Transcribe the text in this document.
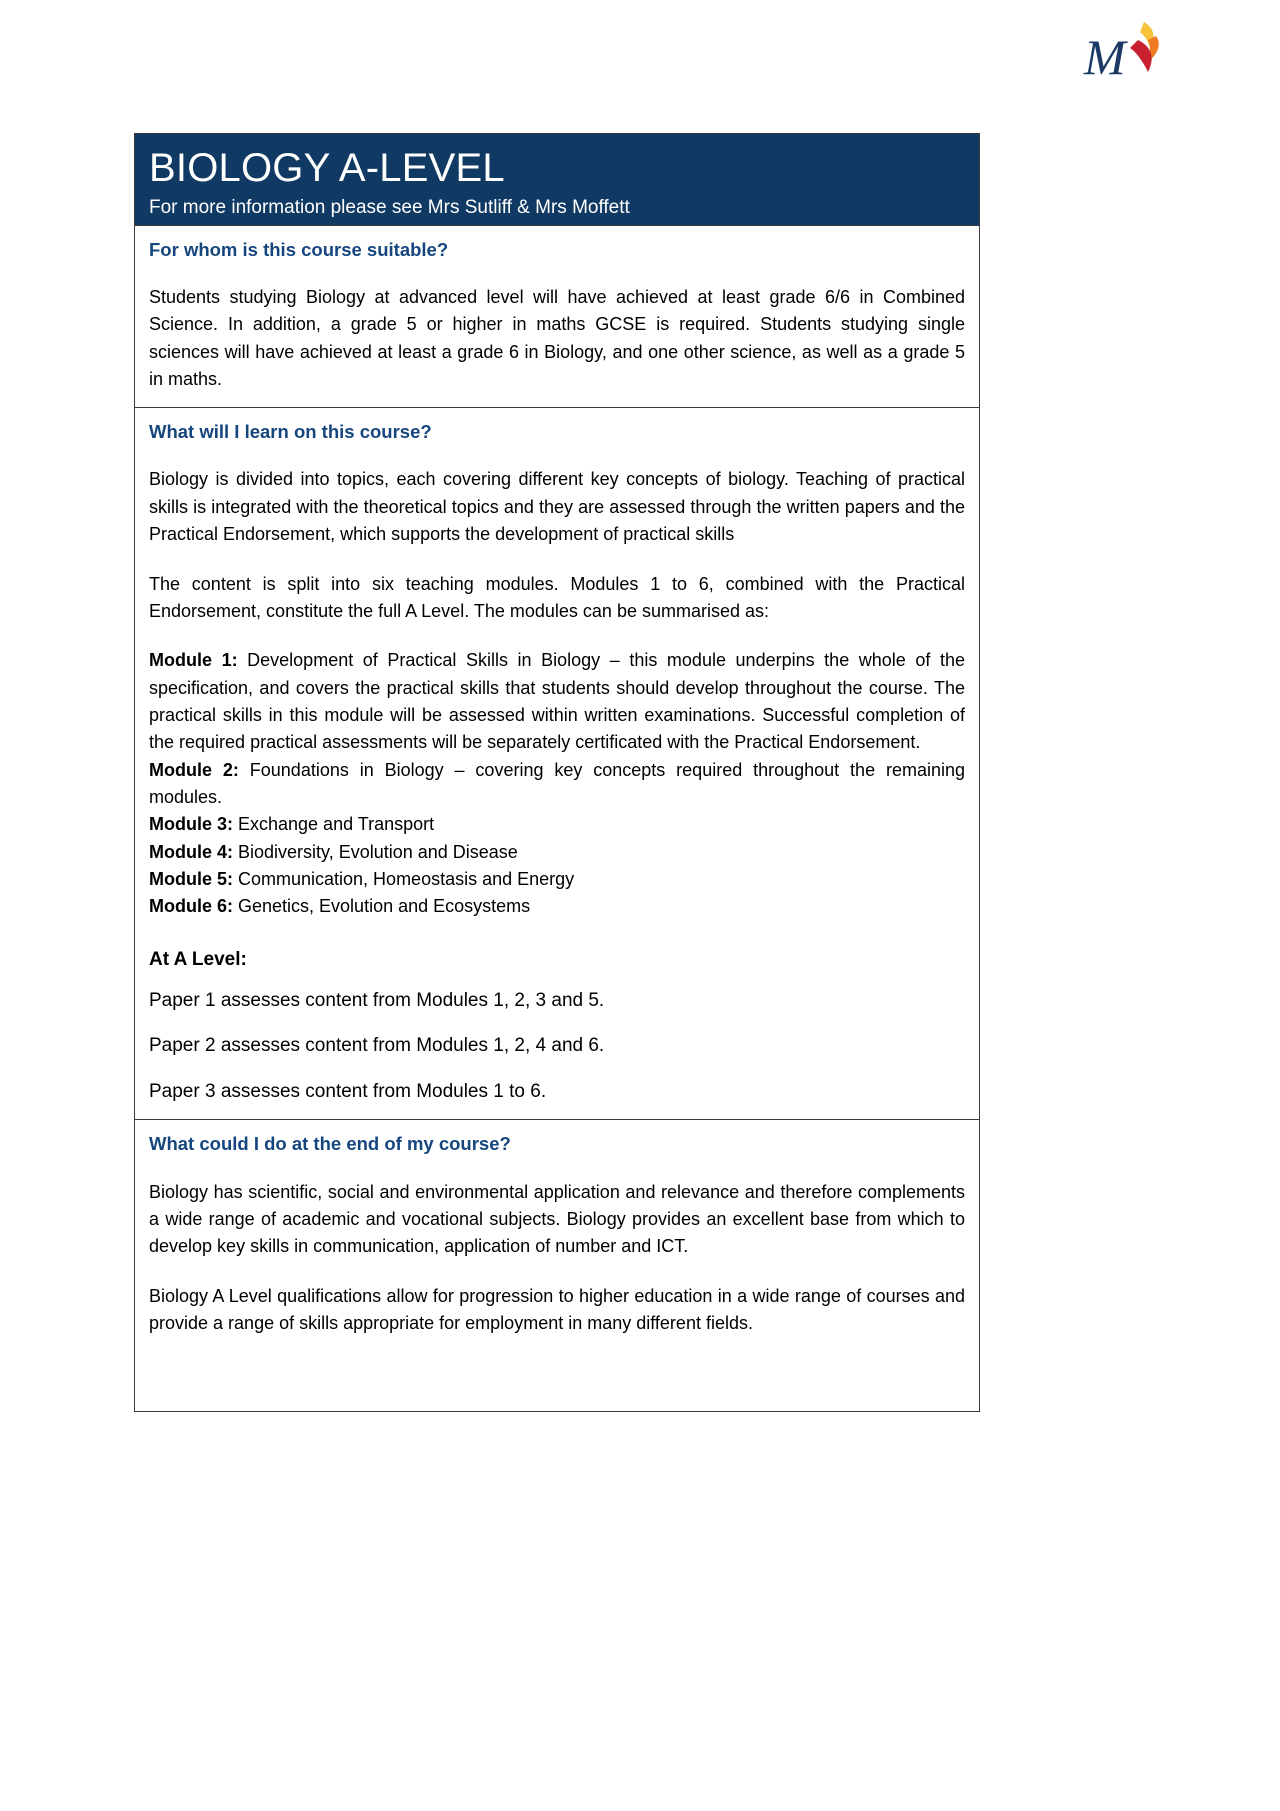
M
BIOLOGY A-LEVEL
For more information please see Mrs Sutliff & Mrs Moffett
For whom is this course suitable?

Students studying Biology at advanced level will have achieved at least grade 6/6 in Combined Science. In addition, a grade 5 or higher in maths GCSE is required. Students studying single sciences will have achieved at least a grade 6 in Biology, and one other science, as well as a grade 5 in maths.

What will I learn on this course?

Biology is divided into topics, each covering different key concepts of biology. Teaching of practical skills is integrated with the theoretical topics and they are assessed through the written papers and the Practical Endorsement, which supports the development of practical skills

The content is split into six teaching modules. Modules 1 to 6, combined with the Practical Endorsement, constitute the full A Level. The modules can be summarised as:

Module 1: Development of Practical Skills in Biology – this module underpins the whole of the specification, and covers the practical skills that students should develop throughout the course. The practical skills in this module will be assessed within written examinations. Successful completion of the required practical assessments will be separately certificated with the Practical Endorsement.

Module 2: Foundations in Biology – covering key concepts required throughout the remaining modules.

Module 3: Exchange and Transport

Module 4: Biodiversity, Evolution and Disease

Module 5: Communication, Homeostasis and Energy

Module 6: Genetics, Evolution and Ecosystems

At A Level:

Paper 1 assesses content from Modules 1, 2, 3 and 5.

Paper 2 assesses content from Modules 1, 2, 4 and 6.

Paper 3 assesses content from Modules 1 to 6.

What could I do at the end of my course?

Biology has scientific, social and environmental application and relevance and therefore complements a wide range of academic and vocational subjects. Biology provides an excellent base from which to develop key skills in communication, application of number and ICT.

Biology A Level qualifications allow for progression to higher education in a wide range of courses and provide a range of skills appropriate for employment in many different fields.
